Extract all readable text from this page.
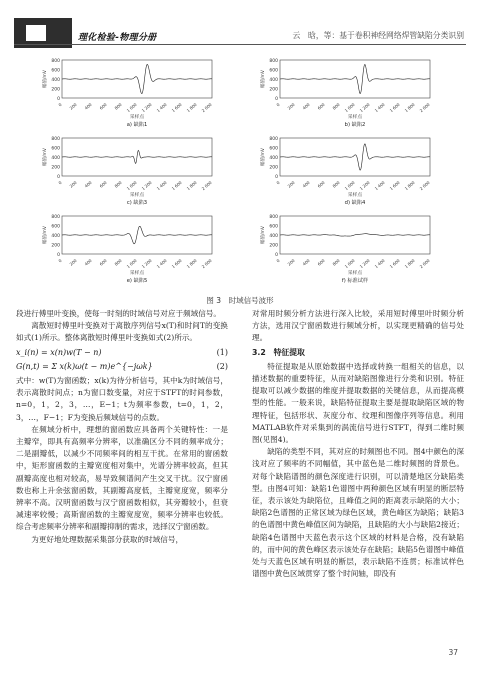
理化检验-物理分册	云　晗，等：基于卷积神经网络焊管缺陷分类识别
800
600
400
200
0
幅值/mV
0 200 400 600 800 1 000 1 200 1 400 1 600 1 800 2 000
采样点
a) 缺陷1
800
600
400
200
0
幅值/mV
0 200 400 600 800 1 000 1 200 1 400 1 600 1 800 2 000
采样点
b) 缺陷2
800
600
400
200
0
幅值/mV
0 200 400 600 800 1 000 1 200 1 400 1 600 1 800 2 000
采样点
c) 缺陷3
800
600
400
200
0
幅值/mV
0 200 400 600 800 1 000 1 200 1 400 1 600 1 800 2 000
采样点
d) 缺陷4
800
600
400
200
0
幅值/mV
0 200 400 600 800 1 000 1 200 1 400 1 600 1 800 2 000
采样点
e) 缺陷5
800
600
400
200
0
幅值/mV
0 200 400 600 800 1 000 1 200 1 400 1 600 1 800 2 000
采样点
f) 标准试样
图 3　时域信号波形

段进行傅里叶变换，使每一时刻的时域信号对应于频域信号。

离散短时傅里叶变换对于离散序列信号x(T)和时间T的变换如式(1)所示。整体离散短时傅里叶变换如式(2)所示。

x_i(n) = x(n)w(T − n)	(1)
G(n,t) = Σ x(k)ω(t − m)e^{−jωk}	(2)

式中：w(T)为窗函数；x(k)为待分析信号，其中k为时域信号，表示离散时间点；n为窗口数变量，对应于STFT的时间参数，n=0，1，2，3，…，E−1；t为频率参数，t=0，1，2，3，…，F−1；F为变换后频域信号的点数。

在频域分析中，理想的窗函数应具备两个关键特性：一是主瓣窄，即具有高频率分辨率，以准确区分不同的频率成分；二是副瓣低，以减少不同频率间的相互干扰。在常用的窗函数中，矩形窗函数的主瓣宽度相对集中，光谱分辨率较高，但其副瓣高度也相对较高，易导致频谱间产生交叉干扰。汉宁窗函数也称上升余弦窗函数，其副瓣高度低，主瓣宽度宽，频率分辨率不高。汉明窗函数与汉宁窗函数相似，其旁瓣较小，但衰减速率较慢；高斯窗函数的主瓣宽度宽，频率分辨率也较低。综合考虑频率分辨率和副瓣抑制的需求，选择汉宁窗函数。

为更好地处理数据采集部分获取的时域信号，

对常用时频分析方法进行深入比较，采用短时傅里叶时频分析方法，选用汉宁窗函数进行频域分析，以实现更精确的信号处理。

3.2　特征提取

特征提取是从原始数据中选择或转换一组相关的信息，以描述数据的重要特征，从而对缺陷图像进行分类和识别。特征提取可以减少数据的维度并提取数据的关键信息，从而提高模型的性能。一般来说，缺陷特征提取主要是提取缺陷区域的物理特征，包括形状、灰度分布、纹理和图像序列等信息。利用MATLAB软件对采集到的涡流信号进行STFT，得到二维时频图(见图4)。

缺陷的类型不同，其对应的时频图也不同。图4中颜色的深浅对应了频率的不同幅值，其中蓝色是二维时频图的背景色。对每个缺陷谱图的颜色深度进行识别，可以清楚地区分缺陷类型。由图4可知：缺陷1色谱图中两种颜色区域有明显的断层特征，表示该处为缺陷位，且峰值之间的距离表示缺陷的大小；缺陷2色谱图的正常区域为绿色区域，黄色峰区为缺陷；缺陷3的色谱图中黄色峰值区间为缺陷，且缺陷的大小与缺陷2接近；缺陷4色谱图中天蓝色表示这个区域的材料是合格，没有缺陷的，而中间的黄色峰区表示该处存在缺陷；缺陷5色谱图中峰值处与天蓝色区域有明显的断层，表示缺陷不连贯；标准试样色谱图中黄色区域贯穿了整个时间轴，即没有

37
